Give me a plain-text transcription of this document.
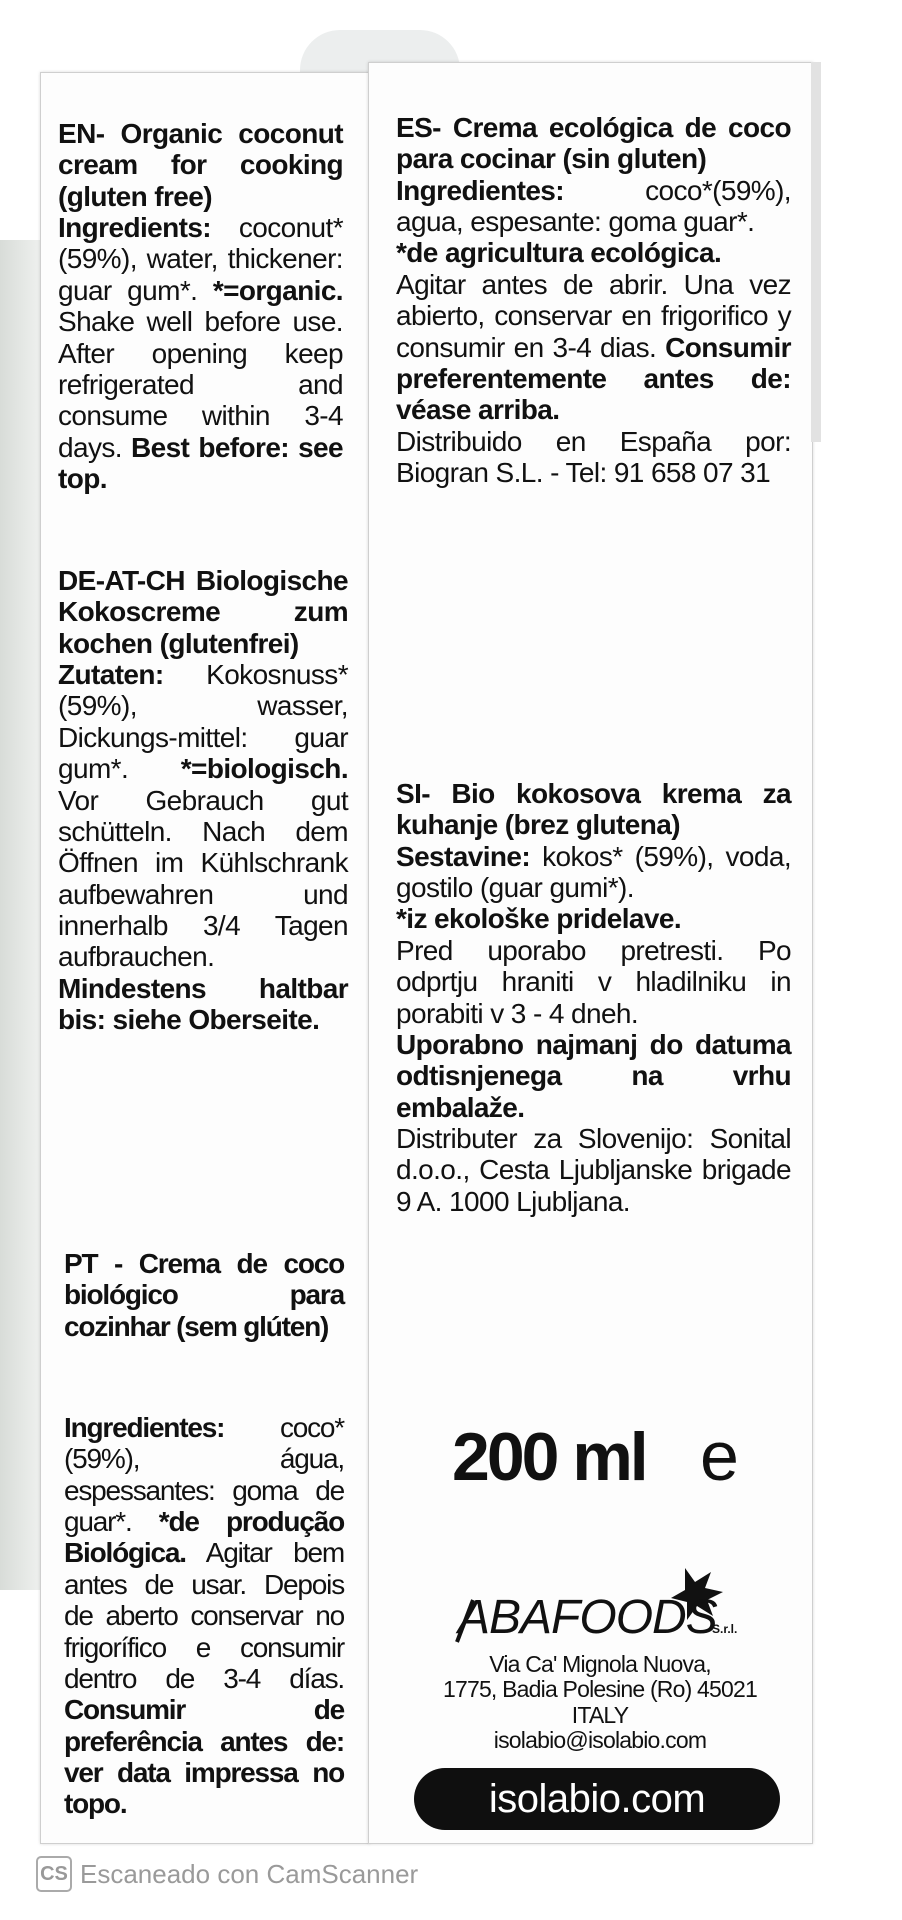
EN- Organic coconut cream for cooking (gluten free)

Ingredients: coconut* (59%), water, thickener: guar gum*. *=organic. Shake well before use. After opening keep refrigerated and consume within 3-4 days. Best before: see top.

DE-AT-CH Biologische Kokoscreme zum kochen (glutenfrei)

Zutaten: Kokosnuss* (59%), wasser, Dickungs-mittel: guar gum*. *=biologisch. Vor Gebrauch gut schütteln. Nach dem Öffnen im Kühlschrank aufbewahren und innerhalb 3/4 Tagen aufbrauchen. Mindestens haltbar bis: siehe Oberseite.

PT - Crema de coco biológico para cozinhar (sem glúten)

Ingredientes: coco* (59%), água, espessantes: goma de guar*. *de produção Biológica. Agitar bem antes de usar. Depois de aberto conservar no frigorífico e consumir dentro de 3-4 días. Consumir de preferência antes de: ver data impressa no topo.

ES- Crema ecológica de coco para cocinar (sin gluten)

Ingredientes:	coco*(59%), agua, espesante: goma guar*.

*de agricultura ecológica.

Agitar antes de abrir. Una vez abierto, conservar en frigorifico y consumir en 3-4 dias. Consumir preferentemente antes de: véase arriba.

Distribuido en España por: Biogran S.L. - Tel: 91 658 07 31

SI- Bio kokosova krema za kuhanje (brez glutena)

Sestavine: kokos* (59%), voda, gostilo (guar gumi*).

*iz ekološke pridelave.

Pred uporabo pretresti. Po odprtju hraniti v hladilniku in porabiti v 3 - 4 dneh.

Uporabno najmanj do datuma odtisnjenega na vrhu embalaže.

Distributer za Slovenijo: Sonital d.o.o., Cesta Ljubljanske brigade 9 A. 1000 Ljubljana.

200 ml e
ABAFOODS
S.r.l.
Via Ca' Mignola Nuova,
1775, Badia Polesine (Ro) 45021
ITALY
isolabio@isolabio.com
isolabio.com
CS Escaneado con CamScanner
